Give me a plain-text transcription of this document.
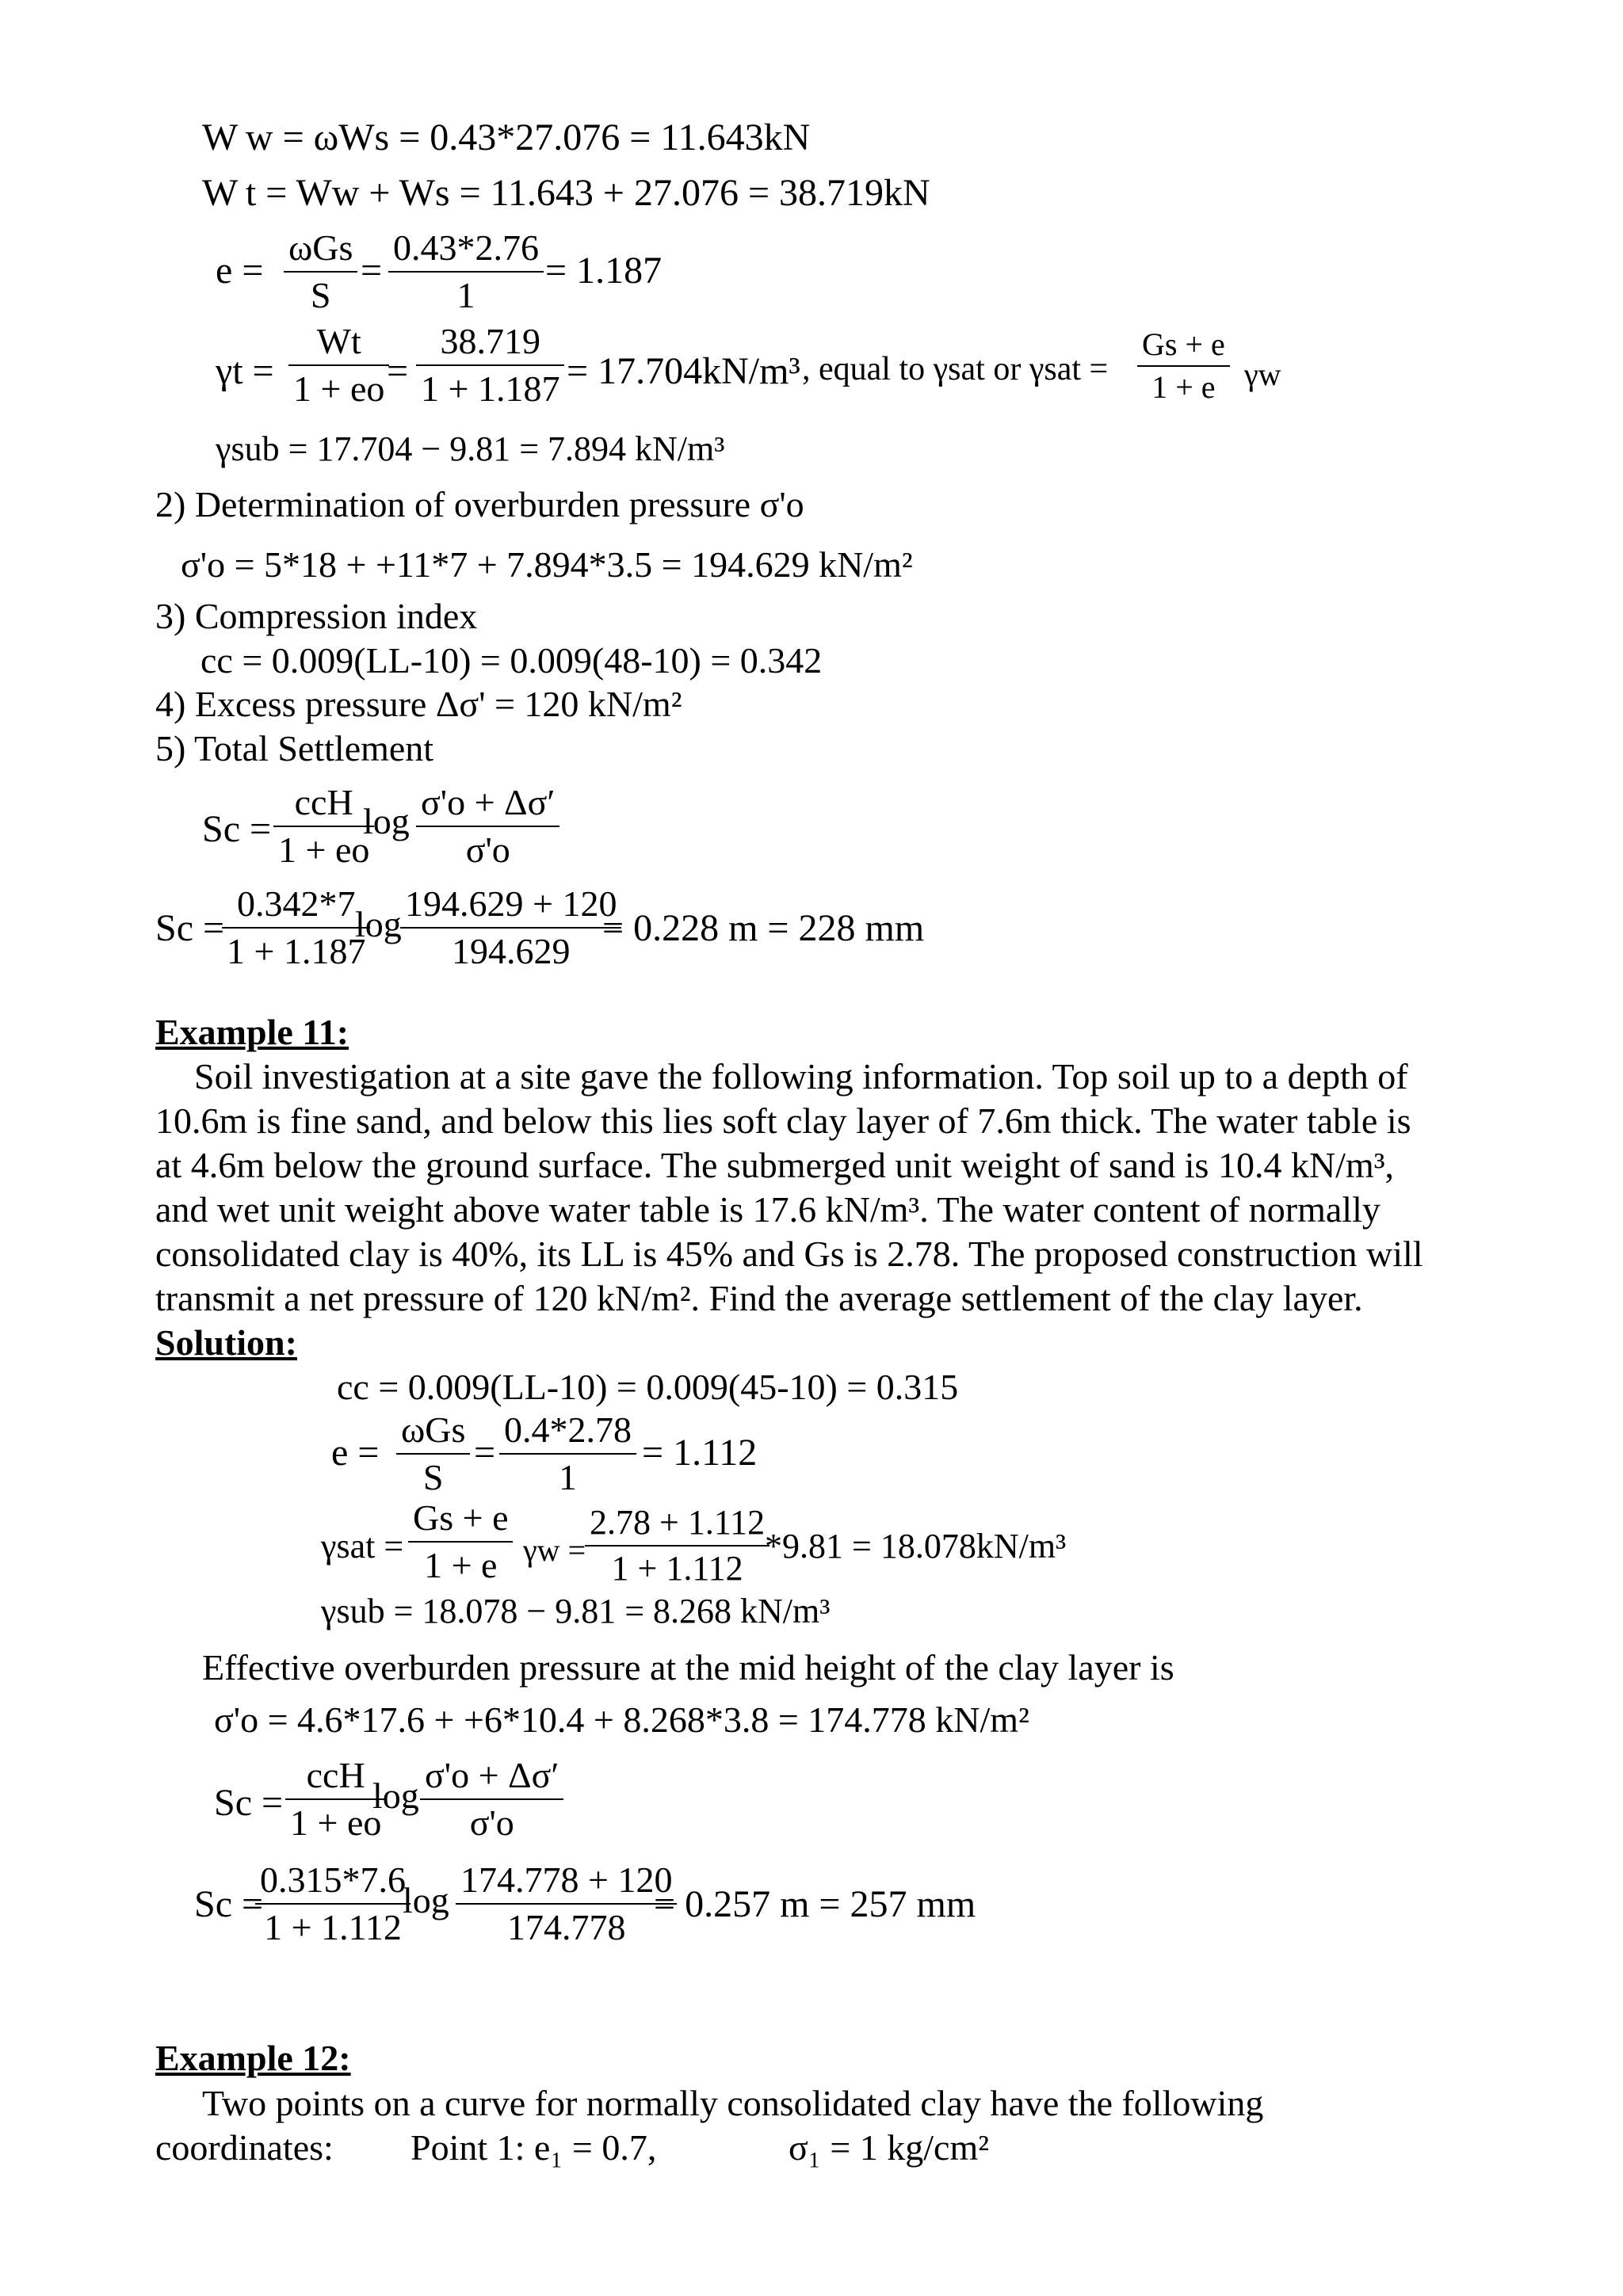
W w = ωWs = 0.43*27.076 = 11.643kN
W t = Ww + Ws = 11.643 + 27.076 = 38.719kN
e =
ωGs
S
=
0.43*2.76
1
= 1.187
γt =
Wt
1 + eo =
38.719
1 + 1.187 = 17.704kN/m³ , equal to γsat or γsat =
Gs + e
1 + e γw
γsub = 17.704 − 9.81 = 7.894 kN/m³
2) Determination of overburden pressure σ'o
σ'o = 5*18 + +11*7 + 7.894*3.5 = 194.629 kN/m²
3) Compression index
cc = 0.009(LL-10) = 0.009(48-10) = 0.342
4) Excess pressure Δσ' = 120 kN/m²
5) Total Settlement
Sc =
ccH
1 + eo
log σ'o + Δσ′
σ'o
Sc =
0.342*7
1 + 1.187
log
194.629 + 120
194.629
= 0.228 m = 228 mm
Example 11:
Soil investigation at a site gave the following information. Top soil up to a depth of
10.6m is fine sand, and below this lies soft clay layer of 7.6m thick. The water table is
at 4.6m below the ground surface. The submerged unit weight of sand is 10.4 kN/m³,
and wet unit weight above water table is 17.6 kN/m³. The water content of normally
consolidated clay is 40%, its LL is 45% and Gs is 2.78. The proposed construction will
transmit a net pressure of 120 kN/m². Find the average settlement of the clay layer.
Solution:
cc = 0.009(LL-10) = 0.009(45-10) = 0.315
e =
ωGs
S
=
0.4*2.78
1
= 1.112
γsat =
Gs + e
1 + e γw =
2.78 + 1.112
1 + 1.112
*9.81 = 18.078kN/m³
γsub = 18.078 − 9.81 = 8.268 kN/m³
Effective overburden pressure at the mid height of the clay layer is
σ'o = 4.6*17.6 + +6*10.4 + 8.268*3.8 = 174.778 kN/m²
Sc =
ccH
1 + eo
log
σ'o + Δσ′
σ'o
Sc =
0.315*7.6
1 + 1.112
log
174.778 + 120
174.778
= 0.257 m = 257 mm
Example 12:
Two points on a curve for normally consolidated clay have the following
coordinates: Point 1: e₁ = 0.7,	σ₁ = 1 kg/cm²
